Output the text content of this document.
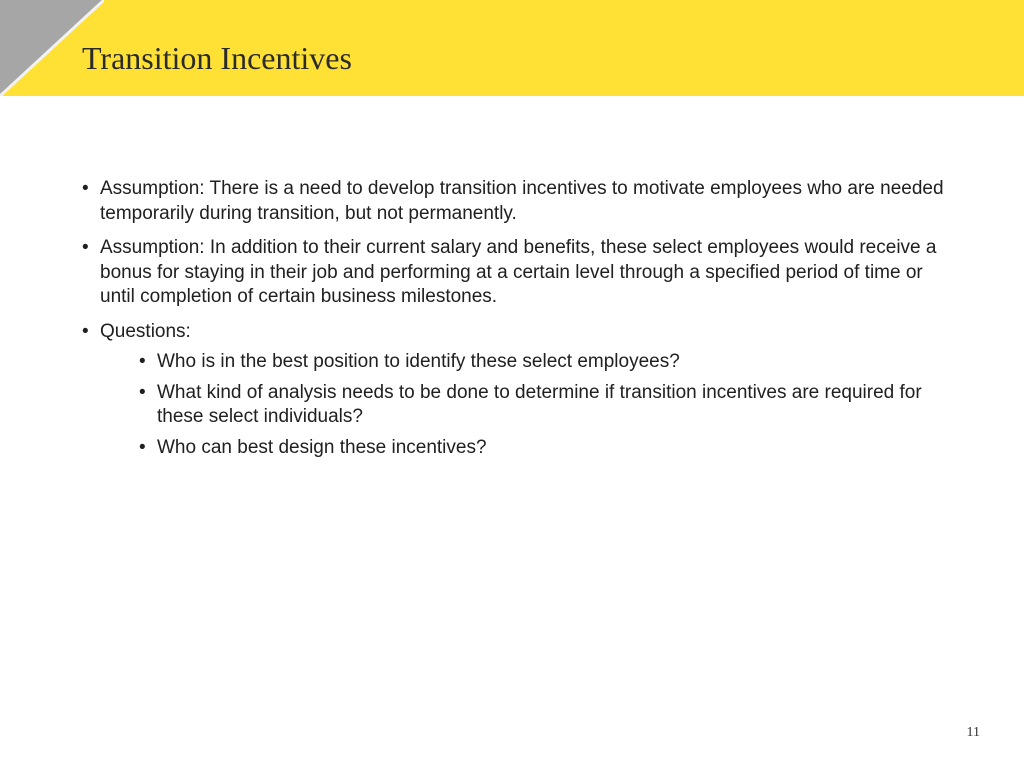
Transition Incentives
• Assumption: There is a need to develop transition incentives to motivate employees who are needed temporarily during transition, but not permanently.
• Assumption: In addition to their current salary and benefits, these select employees would receive a bonus for staying in their job and performing at a certain level through a specified period of time or until completion of certain business milestones.
• Questions:
• Who is in the best position to identify these select employees?
• What kind of analysis needs to be done to determine if transition incentives are required for these select individuals?
• Who can best design these incentives?
11
